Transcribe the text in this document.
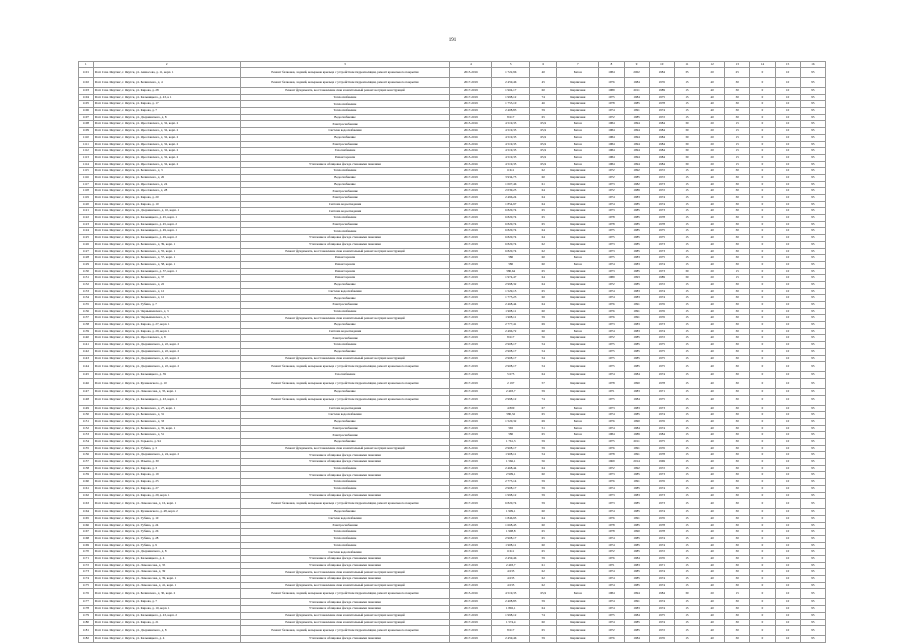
191
1	2	3	4	5	6	7	8	9	10	11	12	13	14	15	16
1101	Респ Саха /Якутия/, г. Якутск, ул. Аммосова, д. 11, корп. 1	Ремонт балконов, лоджий, козырьков крыльца с устройством гидроизоляции, ремонт кровельного покрытия	2015-2016	1 722,96	40	Бетон	1984	2002	1984	35	20	25	0	10	95
1102	Респ Саха /Якутия/, г. Якутск, ул. Белинского, д. 4	Ремонт балконов, лоджий, козырьков крыльца с устройством гидроизоляции, ремонт кровельного покрытия	2017-2019	2 459,46	45	Кирпичная	1976	1984	1976	15	40	30	0	10	95
1103	Респ Саха /Якутия/, г. Якутск, ул. Кирова, д. 28	Ремонт фундамента, восстановление сваи и капитальный ремонт несущих конструкций	2017-2019	1 904,17	60	Кирпичная	1989	2011	1989	15	40	30	0	10	95
1104	Респ Саха /Якутия/, г. Якутск, ул. Кальвицкого, д. 43, к 1	Теплоснабжение	2017-2019	1 998,12	74	Кирпичная	1975	1984	1975	15	40	30	0	10	95
1105	Респ Саха /Якутия/, г. Якутск, ул. Кирова, д. 17	Теплоснабжение	2017-2019	1 753,10	46	Кирпичная	1978	1985	1978	15	40	30	0	10	95
1106	Респ Саха /Якутия/, г. Якутск, ул. Кирова, д. 7	Теплоснабжение	2017-2019	2 408,83	59	Кирпичная	1974	1991	1974	15	40	30	0	10	95
1107	Респ Саха /Якутия/, г. Якутск, ул. Дзержинского, д. 8	Водоснабжение	2017-2019	8 617	65	Кирпичная	1972	1985	1972	15	40	30	0	10	95
1108	Респ Саха /Якутия/, г. Якутск, ул. Ярославского, д. 32, корп. 2	Электроснабжение	2015-2016	4 519,35	65,9	Бетон	1984	1994	1984	30	20	15	0	10	95
1109	Респ Саха /Якутия/, г. Якутск, ул. Ярославского, д. 32, корп. 2	Система водоснабжения	2015-2016	4 519,35	65,9	Бетон	1984	1994	1984	30	20	15	0	10	95
1110	Респ Саха /Якутия/, г. Якутск, ул. Ярославского, д. 32, корп. 2	Водоснабжение	2015-2016	4 519,35	65,9	Бетон	1984	1994	1984	30	20	15	0	10	95
1111	Респ Саха /Якутия/, г. Якутск, ул. Ярославского, д. 32, корп. 2	Электроснабжение	2015-2016	4 519,35	65,9	Бетон	1984	1994	1984	30	20	15	0	10	95
1112	Респ Саха /Якутия/, г. Якутск, ул. Ярославского, д. 32, корп. 2	Газоснабжение	2015-2016	4 519,35	65,9	Бетон	1984	1994	1984	30	20	15	0	10	95
1113	Респ Саха /Якутия/, г. Якутск, ул. Ярославского, д. 32, корп. 2	Ремонт кровли	2015-2016	4 519,35	65,9	Бетон	1984	1994	1984	30	20	15	0	10	95
1114	Респ Саха /Якутия/, г. Якутск, ул. Ярославского, д. 32, корп. 2	Утепление и облицовка фасада стеновыми панелями	2015-2016	4 519,35	65,9	Бетон	1984	1994	1984	30	20	15	0	10	95
1115	Респ Саха /Якутия/, г. Якутск, ул. Белинского, д. 3	Теплоснабжение	2017-2019	6 611	62	Кирпичная	1972	1992	1972	15	40	30	0	10	95
1116	Респ Саха /Якутия/, г. Якутск, ул. Белинского, д. 26	Водоснабжение	2017-2019	3 934,75	60	Кирпичная	1972	1985	1972	15	40	30	0	10	95
1117	Респ Саха /Якутия/, г. Якутск, ул. Ярославского, д. 24	Водоснабжение	2017-2019	1 007,46	61	Кирпичная	1973	1982	1973	15	40	30	0	10	95
1118	Респ Саха /Якутия/, г. Якутск, ул. Ярославского, д. 28	Электроснабжение	2017-2019	2 039,25	64	Кирпичная	1972	1989	1972	15	40	30	0	10	95
1119	Респ Саха /Якутия/, г. Якутск, ул. Кирова, д. 20	Электроснабжение	2017-2019	2 496,24	64	Кирпичная	1974	1983	1974	15	40	30	0	10	95
1120	Респ Саха /Якутия/, г. Якутск, ул. Кирова, д. 10	Система водоотведения	2017-2019	1 854,97	64	Кирпичная	1974	1985	1974	15	40	30	0	10	95
1121	Респ Саха /Якутия/, г. Якутск, ул. Дзержинского, д. 10, корп. 1	Система водоотведения	2017-2019	6 820,74	65	Кирпичная	1973	1985	1973	15	40	30	0	10	95
1122	Респ Саха /Якутия/, г. Якутск, ул. Кальвицкого, д. 45, корп. 1	Теплоснабжение	2017-2019	6 820,74	65	Кирпичная	1978	1985	1978	15	40	30	0	10	95
1123	Респ Саха /Якутия/, г. Якутск, ул. Кальвицкого, д. 45, корп. 2	Электроснабжение	2017-2019	6 820,74	65	Кирпичная	1978	1985	1978	15	40	30	0	10	95
1124	Респ Саха /Якутия/, г. Якутск, ул. Кальвицкого, д. 49, корп. 1	Теплоснабжение	2017-2019	6 820,74	64	Кирпичная	1975	1985	1975	15	40	30	0	10	95
1125	Респ Саха /Якутия/, г. Якутск, ул. Кальвицкого, д. 49, корп. 2	Утепление и облицовка фасада стеновыми панелями	2017-2019	6 820,74	64	Кирпичная	1975	1985	1975	15	40	30	0	10	95
1126	Респ Саха /Якутия/, г. Якутск, ул. Белинского, д. 39, корп. 1	Утепление и облицовка фасада стеновыми панелями	2017-2019	6 820,74	62	Кирпичная	1973	1985	1973	15	40	30	0	10	95
1127	Респ Саха /Якутия/, г. Якутск, ул. Белинского, д. 55, корп. 1	Ремонт фундамента, восстановление сваи и капитальный ремонт несущих конструкций	2017-2019	6 820,74	62	Кирпичная	1973	1985	1973	15	40	30	0	10	95
1128	Респ Саха /Якутия/, г. Якутск, ул. Белинского, д. 57, корп. 1	Ремонт кровли	2017-2019	580	60	Бетон	1975	1983	1975	15	40	30	0	10	95
1129	Респ Саха /Якутия/, г. Якутск, ул. Белинского, д. 58, корп. 1	Ремонт кровли	2017-2019	580	60	Бетон	1974	1983	1974	15	40	30	0	10	95
1130	Респ Саха /Якутия/, г. Якутск, ул. Кальвицкого, д. 37, корп. 1	Ремонт кровли	2017-2019	580,64	65	Кирпичная	1973	1985	1973	30	20	15	0	10	95
1131	Респ Саха /Якутия/, г. Якутск, ул. Белинского, д. 37	Ремонт кровли	2017-2019	1 974,47	64	Кирпичная	1989	1993	1989	30	20	15	0	10	95
1132	Респ Саха /Якутия/, г. Якутск, ул. Белинского, д. 22	Водоснабжение	2017-2019	2 998,32	64	Кирпичная	1972	1985	1972	15	40	30	0	10	95
1133	Респ Саха /Якутия/, г. Якутск, ул. Белинского, д. 12	Система водоснабжения	2017-2019	1 529,15	65	Кирпичная	1974	1983	1974	15	40	30	0	10	95
1134	Респ Саха /Якутия/, г. Якутск, ул. Белинского, д. 12	Водоснабжение	2017-2019	1 775,23	60	Кирпичная	1974	1983	1974	15	40	30	0	10	95
1135	Респ Саха /Якутия/, г. Якутск, ул. Губина, д. 7	Электроснабжение	2017-2019	2 468,44	64	Кирпичная	1976	1991	1976	15	40	30	0	10	95
1136	Респ Саха /Якутия/, г. Якутск, ул. Чернышевского, д. 3	Теплоснабжение	2017-2019	1 908,11	60	Кирпичная	1976	1991	1976	15	40	30	0	10	95
1137	Респ Саха /Якутия/, г. Якутск, ул. Чернышевского, д. 5	Ремонт фундамента, восстановление сваи и капитальный ремонт несущих конструкций	2017-2019	1 908,11	59	Кирпичная	1976	1991	1976	15	40	30	0	10	95
1138	Респ Саха /Якутия/, г. Якутск, ул. Кирова, д. 27, корп. 1	Водоснабжение	2017-2019	2 777,41	69	Кирпичная	1973	1983	1973	15	40	30	0	10	95
1139	Респ Саха /Якутия/, г. Якутск, ул. Кирова, д. 29, корп. 1	Система водоотведения	2017-2019	2 496,72	60	Бетон	1974	1983	1974	15	40	30	0	10	95
1140	Респ Саха /Якутия/, г. Якутск, ул. Ярославского, д. 8	Электроснабжение	2017-2019	8 617	56	Кирпичная	1972	1985	1972	15	40	30	0	10	95
1141	Респ Саха /Якутия/, г. Якутск, ул. Дзержинского, д. 22, корп. 2	Теплоснабжение	2017-2019	2 908,17	54	Кирпичная	1975	1985	1975	15	40	30	0	10	95
1142	Респ Саха /Якутия/, г. Якутск, ул. Дзержинского, д. 22, корп. 2	Водоснабжение	2017-2019	2 908,17	54	Кирпичная	1975	1985	1975	15	40	30	0	10	95
1143	Респ Саха /Якутия/, г. Якутск, ул. Дзержинского, д. 22, корп. 2	Ремонт фундамента, восстановление сваи и капитальный ремонт несущих конструкций	2017-2019	2 908,17	54	Кирпичная	1975	1985	1975	15	40	30	0	10	95
1144	Респ Саха /Якутия/, г. Якутск, ул. Дзержинского, д. 22, корп. 2	Ремонт балконов, лоджий, козырьков крыльца с устройством гидроизоляции, ремонт кровельного покрытия	2017-2019	2 908,17	54	Кирпичная	1975	1985	1975	15	40	30	0	10	95
1145	Респ Саха /Якутия/, г. Якутск, ул. Кальвицкого, д. 39	Газоснабжение	2017-2019	5 675	64	Кирпичная	1974	1984	1974	15	40	30	0	10	95
1146	Респ Саха /Якутия/, г. Якутск, ул. Кулаковского, д. 10	Ремонт балконов, лоджий, козырьков крыльца с устройством гидроизоляции, ремонт кровельного покрытия	2017-2019	2 197	57	Кирпичная	1978	1990	1978	15	40	30	0	10	95
1147	Респ Саха /Якутия/, г. Якутск, ул. Ломоносова, д. 35, корп. 1	Водоснабжение	2017-2019	2 493,7	59	Кирпичная	1971	1983	1971	15	40	30	0	10	95
1148	Респ Саха /Якутия/, г. Якутск, ул. Кальвицкого, д. 43, корп. 1	Ремонт балконов, лоджий, козырьков крыльца с устройством гидроизоляции, ремонт кровельного покрытия	2017-2019	2 998,12	74	Кирпичная	1975	1984	1975	15	40	30	0	10	95
1149	Респ Саха /Якутия/, г. Якутск, ул. Белинского, д. 27, корп. 1	Система водоотведения	2017-2019	4 800	67	Бетон	1973	1983	1973	15	40	30	0	10	95
1150	Респ Саха /Якутия/, г. Якутск, ул. Белинского, д. 31	Система водоснабжения	2017-2019	580,32	65	Кирпичная	1974	1985	1974	15	40	30	0	10	95
1151	Респ Саха /Якутия/, г. Якутск, ул. Белинского, д. 33	Водоснабжение	2017-2019	1 520,32	69	Бетон	1976	1990	1976	15	40	30	0	10	95
1152	Респ Саха /Якутия/, г. Якутск, ул. Белинского, д. 35, корп. 1	Электроснабжение	2017-2019	565	51	Бетон	1974	1984	1974	15	40	30	0	10	95
1153	Респ Саха /Якутия/, г. Якутск, ул. Белинского, д. 51	Электроснабжение	2017-2019	580	65	Бетон	1984	1989	1984	15	40	30	0	10	95
1154	Респ Саха /Якутия/, г. Якутск, ул. Горького, д. 94	Водоснабжение	2017-2019	1 761,3	59	Кирпичная	1975	2011	1975	15	40	30	0	10	95
1155	Респ Саха /Якутия/, г. Якутск, ул. Губина, д. 3	Ремонт фундамента, восстановление сваи и капитальный ремонт несущих конструкций	2015-2016	2 908,17	59	Кирпичная	1976	1991	1976	15	40	30	0	10	95
1156	Респ Саха /Якутия/, г. Якутск, ул. Дзержинского, д. 24, корп. 2	Утепление и облицовка фасада стеновыми панелями	2017-2019	1 908,11	54	Кирпичная	1978	1991	1978	15	40	30	0	10	95
1157	Респ Саха /Якутия/, г. Якутск, ул. Ильича, д. 30	Утепление и облицовка фасада стеновыми панелями	2017-2019	1 566,1	56	Кирпичная	1969	2014	1969	15	40	30	0	10	95
1158	Респ Саха /Якутия/, г. Якутск, ул. Кирова, д. 3	Теплоснабжение	2017-2019	2 468,44	64	Кирпичная	1972	1992	1972	15	40	30	0	10	95
1159	Респ Саха /Якутия/, г. Якутск, ул. Кирова, д. 19	Утепление и облицовка фасада стеновыми панелями	2017-2019	2 909,1	60	Кирпичная	1973	1985	1973	15	40	30	0	10	95
1160	Респ Саха /Якутия/, г. Якутск, ул. Кирова, д. 25	Теплоснабжение	2017-2019	2 773,14	59	Кирпичная	1976	1991	1976	15	40	30	0	10	95
1161	Респ Саха /Якутия/, г. Якутск, ул. Кирова, д. 27	Теплоснабжение	2017-2019	2 908,17	59	Кирпичная	1974	1985	1974	15	40	30	0	10	95
1162	Респ Саха /Якутия/, г. Якутск, ул. Кирова, д. 29, корп. 1	Утепление и облицовка фасада стеновыми панелями	2017-2019	1 998,12	59	Кирпичная	1973	1983	1973	15	40	30	0	10	95
1163	Респ Саха /Якутия/, г. Якутск, ул. Ломоносова, д. 16, корп. 1	Ремонт балконов, лоджий, козырьков крыльца с устройством гидроизоляции, ремонт кровельного покрытия	2017-2019	6 820,74	59	Кирпичная	1973	1985	1973	15	40	30	0	10	95
1164	Респ Саха /Якутия/, г. Якутск, ул. Кулаковского, д. 48, корп. 2	Водоснабжение	2017-2019	1 909,1	60	Кирпичная	1974	1985	1974	15	40	30	0	10	95
1165	Респ Саха /Якутия/, г. Якутск, ул. Губина, д. 10	Система водоснабжения	2017-2019	1 846,95	64	Кирпичная	1976	1991	1976	15	40	30	0	10	95
1166	Респ Саха /Якутия/, г. Якутск, ул. Губина, д. 24	Электроснабжение	2017-2019	1 668,45	60	Кирпичная	1978	1985	1978	15	40	30	0	10	95
1167	Респ Саха /Якутия/, г. Якутск, ул. Губина, д. 26	Теплоснабжение	2017-2019	1 998,8	65	Кирпичная	1978	1990	1978	15	40	30	0	10	95
1168	Респ Саха /Якутия/, г. Якутск, ул. Губина, д. 28	Теплоснабжение	2017-2019	2 908,17	65	Кирпичная	1974	1985	1974	15	40	30	0	10	95
1169	Респ Саха /Якутия/, г. Якутск, ул. Губина, д. 9	Теплоснабжение	2017-2019	1 908,11	60	Кирпичная	1974	1985	1974	15	40	30	0	10	95
1170	Респ Саха /Якутия/, г. Якутск, ул. Дзержинского, д. 8	Система водоснабжения	2017-2019	6 611	65	Кирпичная	1972	1985	1972	15	40	30	0	10	95
1171	Респ Саха /Якутия/, г. Якутск, ул. Кальвицкого, д. 4	Утепление и облицовка фасада стеновыми панелями	2017-2019	2 459,46	59	Кирпичная	1976	1984	1976	15	40	30	0	10	95
1172	Респ Саха /Якутия/, г. Якутск, ул. Ломоносова, д. 35	Утепление и облицовка фасада стеновыми панелями	2017-2019	2 493,7	61	Кирпичная	1971	1983	1971	15	40	30	0	10	95
1173	Респ Саха /Якутия/, г. Якутск, ул. Ломоносова, д. 39	Ремонт фундамента, восстановление сваи и капитальный ремонт несущих конструкций	2017-2019	4 635	62	Кирпичная	1974	1985	1974	15	40	30	0	10	95
1174	Респ Саха /Якутия/, г. Якутск, ул. Ломоносова, д. 39, корп. 1	Утепление и облицовка фасада стеновыми панелями	2017-2019	4 635	62	Кирпичная	1974	1985	1974	15	40	30	0	10	95
1175	Респ Саха /Якутия/, г. Якутск, ул. Ломоносова, д. 41, корп. 1	Ремонт фундамента, восстановление сваи и капитальный ремонт несущих конструкций	2017-2019	4 635	62	Кирпичная	1974	1985	1974	15	40	30	0	10	95
1176	Респ Саха /Якутия/, г. Якутск, ул. Белинского, д. 30, корп. 2	Ремонт балконов, лоджий, козырьков крыльца с устройством гидроизоляции, ремонт кровельного покрытия	2015-2016	4 519,35	65,9	Бетон	1984	1994	1984	30	20	15	0	10	95
1177	Респ Саха /Якутия/, г. Якутск, ул. Кирова, д. 7	Утепление и облицовка фасада стеновыми панелями	2017-2019	2 408,83	59	Кирпичная	1974	1991	1974	15	40	30	0	10	95
1178	Респ Саха /Якутия/, г. Якутск, ул. Кирова, д. 10, корп. 1	Утепление и облицовка фасада стеновыми панелями	2017-2019	1 892,1	64	Кирпичная	1974	1983	1974	15	40	30	0	10	95
1179	Респ Саха /Якутия/, г. Якутск, ул. Кальвицкого, д. 43, корп. 2	Ремонт фундамента, восстановление сваи и капитальный ремонт несущих конструкций	2017-2019	1 998,12	74	Кирпичная	1975	1984	1975	15	40	30	0	10	95
1180	Респ Саха /Якутия/, г. Якутск, ул. Кирова, д. 21	Ремонт фундамента, восстановление сваи и капитальный ремонт несущих конструкций	2017-2019	1 574,4	60	Кирпичная	1974	1985	1974	15	40	30	0	10	95
1181	Респ Саха /Якутия/, г. Якутск, ул. Дзержинского, д. 8	Ремонт балконов, лоджий, козырьков крыльца с устройством гидроизоляции, ремонт кровельного покрытия	2017-2019	8 617	65	Кирпичная	1972	1985	1972	15	40	30	0	10	95
1182	Респ Саха /Якутия/, г. Якутск, ул. Кальвицкого, д. 4	Утепление и облицовка фасада стеновыми панелями	2017-2019	2 459,46	59	Кирпичная	1976	1984	1976	15	40	30	0	10	95
